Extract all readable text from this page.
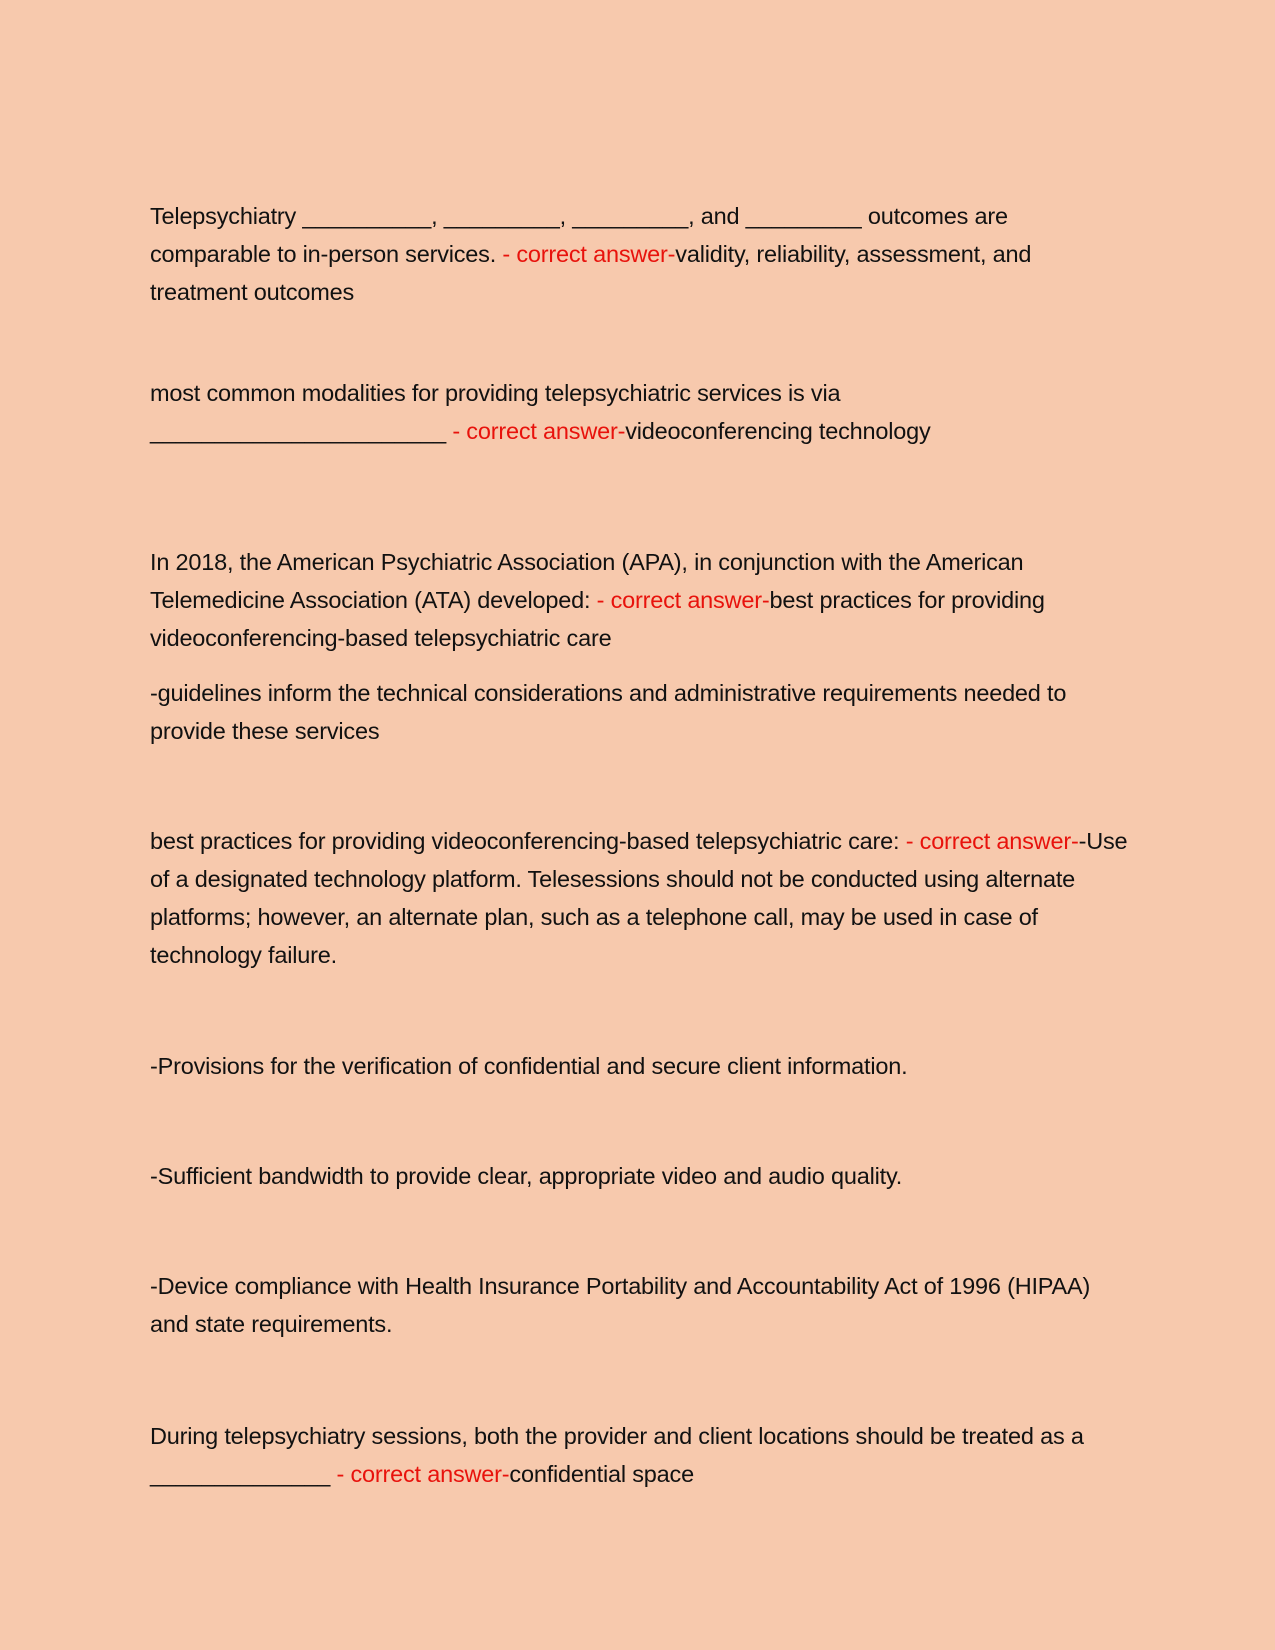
Telepsychiatry __________, _________, _________, and _________ outcomes are comparable to in-person services. - correct answer-validity, reliability, assessment, and treatment outcomes

most common modalities for providing telepsychiatric services is via _______________________ - correct answer-videoconferencing technology

In 2018, the American Psychiatric Association (APA), in conjunction with the American Telemedicine Association (ATA) developed: - correct answer-best practices for providing videoconferencing-based telepsychiatric care

-guidelines inform the technical considerations and administrative requirements needed to provide these services

best practices for providing videoconferencing-based telepsychiatric care: - correct answer--Use of a designated technology platform. Telesessions should not be conducted using alternate platforms; however, an alternate plan, such as a telephone call, may be used in case of technology failure.

-Provisions for the verification of confidential and secure client information.

-Sufficient bandwidth to provide clear, appropriate video and audio quality.

-Device compliance with Health Insurance Portability and Accountability Act of 1996 (HIPAA) and state requirements.

During telepsychiatry sessions, both the provider and client locations should be treated as a ______________ - correct answer-confidential space
